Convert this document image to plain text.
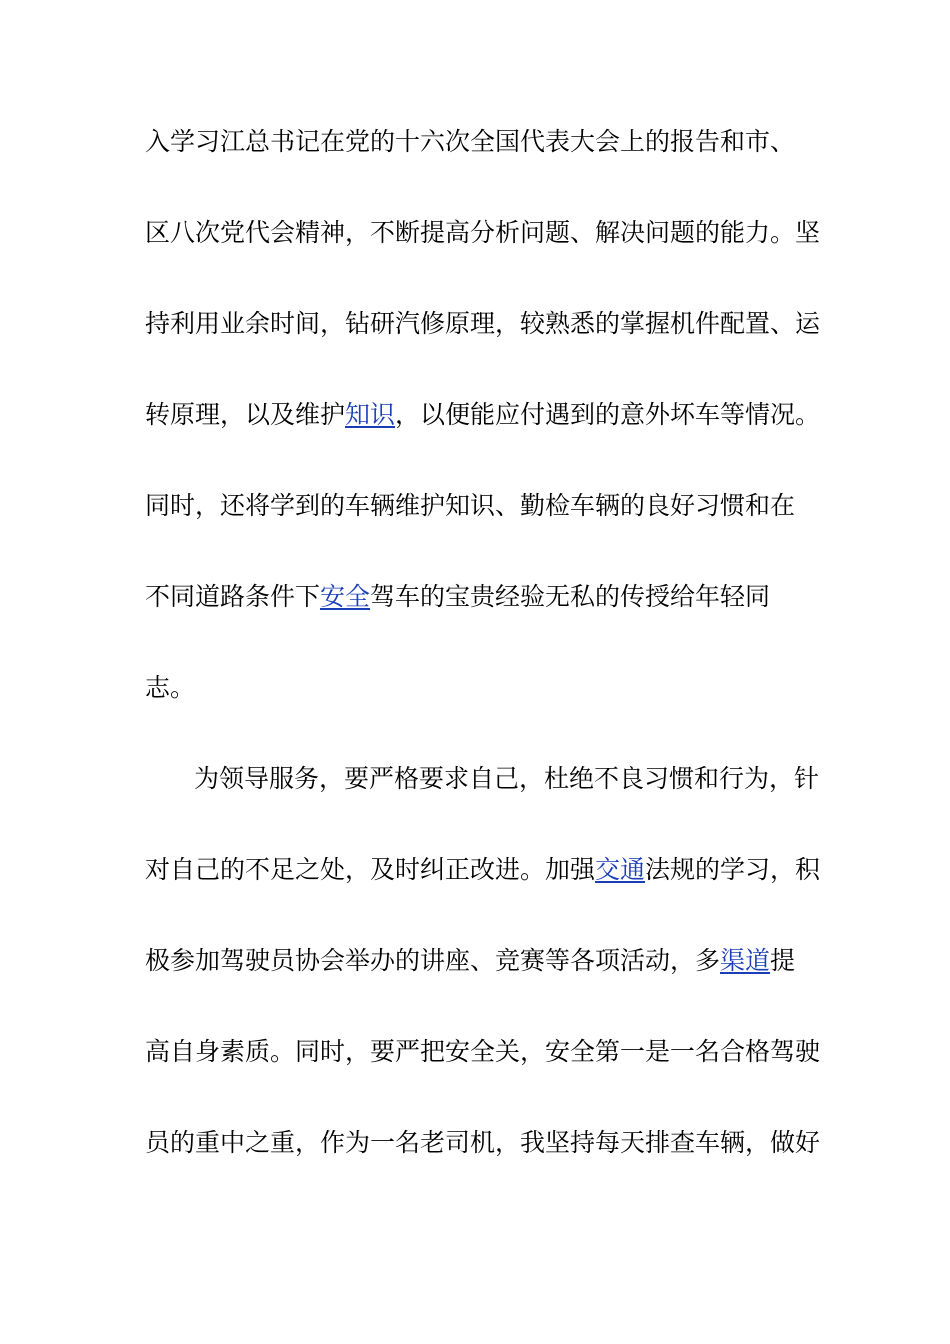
入学习江总书记在党的十六次全国代表大会上的报告和市、
区八次党代会精神，不断提高分析问题、解决问题的能力。坚
持利用业余时间，钻研汽修原理，较熟悉的掌握机件配置、运
转原理，以及维护知识，以便能应付遇到的意外坏车等情况。
同时，还将学到的车辆维护知识、勤检车辆的良好习惯和在
不同道路条件下安全驾车的宝贵经验无私的传授给年轻同
志。
为领导服务，要严格要求自己，杜绝不良习惯和行为，针
对自己的不足之处，及时纠正改进。加强交通法规的学习，积
极参加驾驶员协会举办的讲座、竞赛等各项活动，多渠道提
高自身素质。同时，要严把安全关，安全第一是一名合格驾驶
员的重中之重，作为一名老司机，我坚持每天排查车辆，做好
